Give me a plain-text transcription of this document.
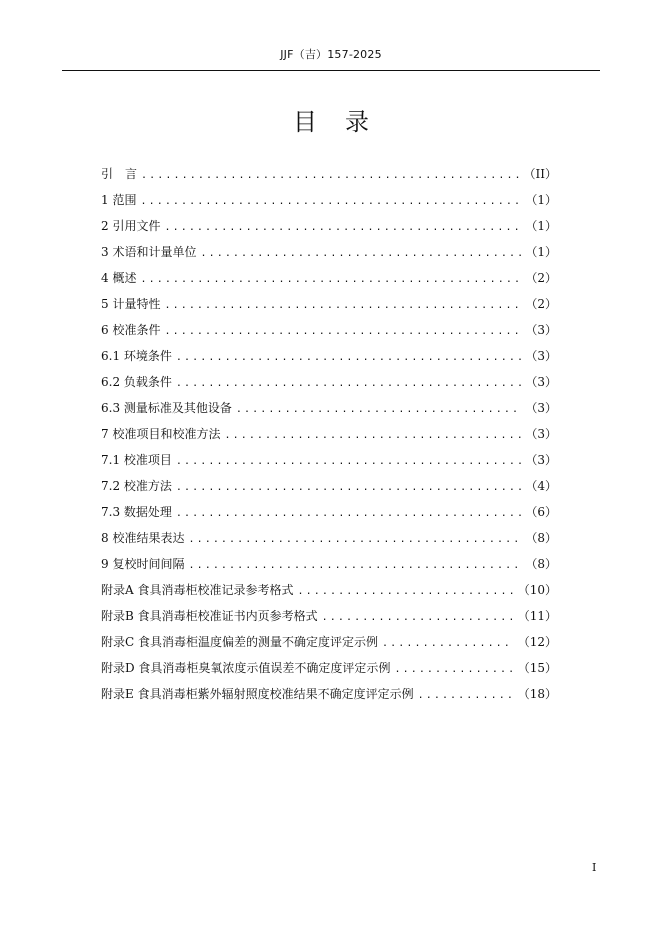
JJF（吉）157-2025
目录
引　言 .....	（II）
1 范围 .....	（1）
2 引用文件 .....	（1）
3 术语和计量单位 .....	（1）
4 概述 .....	（2）
5 计量特性 .....	（2）
6 校准条件 .....	（3）
6.1 环境条件 .....	（3）
6.2 负载条件 .....	（3）
6.3 测量标准及其他设备 .....	（3）
7 校准项目和校准方法 .....	（3）
7.1 校准项目 .....	（3）
7.2 校准方法 .....	（4）
7.3 数据处理 .....	（6）
8 校准结果表达 .....	（8）
9 复校时间间隔 .....	（8）
附录A 食具消毒柜校准记录参考格式 .....	（10）
附录B 食具消毒柜校准证书内页参考格式 .....	（11）
附录C 食具消毒柜温度偏差的测量不确定度评定示例 .....	（12）
附录D 食具消毒柜臭氧浓度示值误差不确定度评定示例 .....	（15）
附录E 食具消毒柜紫外辐射照度校准结果不确定度评定示例 .....	（18）
I
